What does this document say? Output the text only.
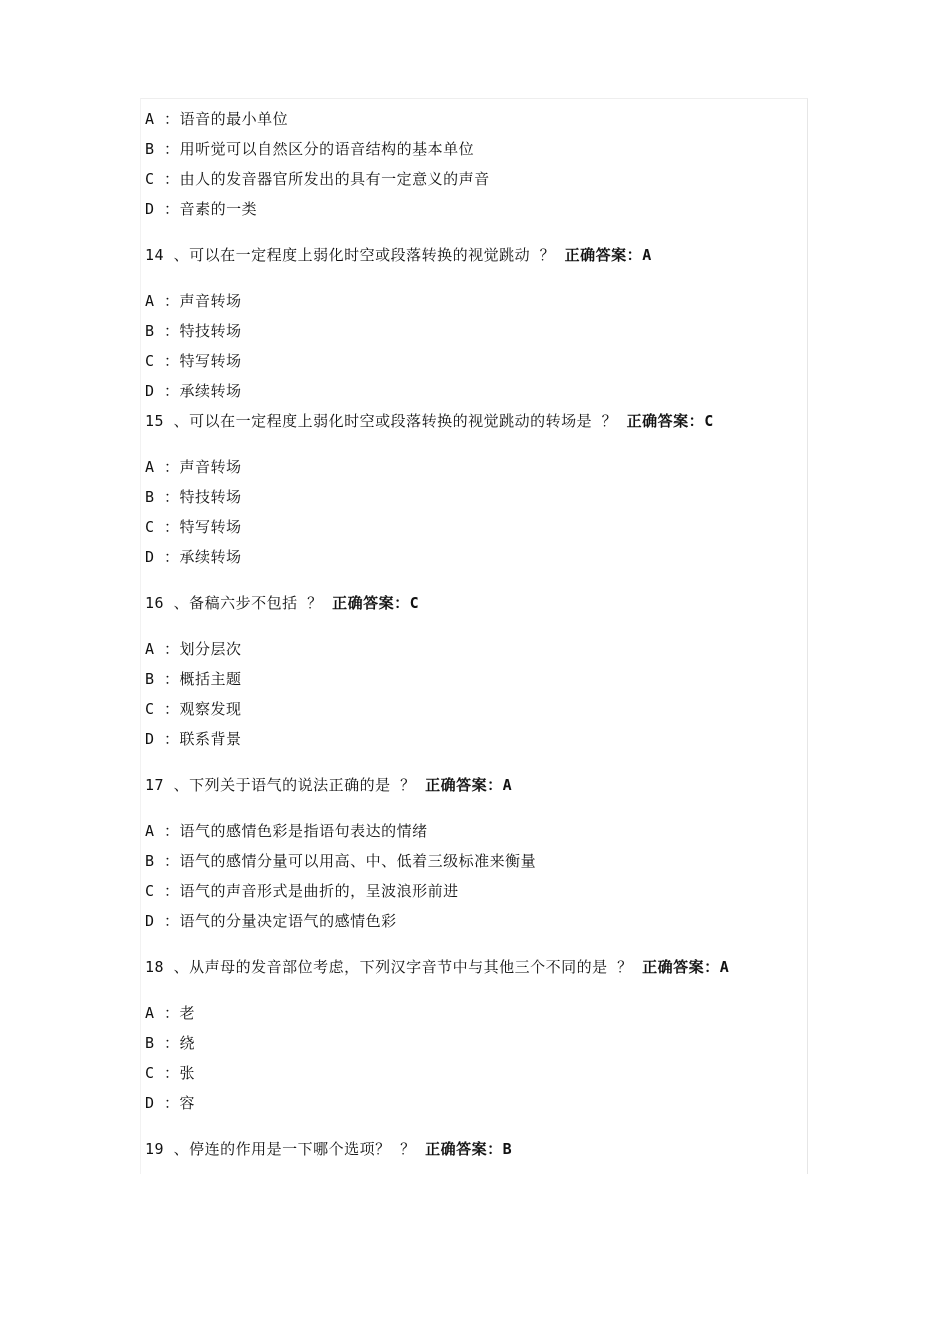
A ：语音的最小单位
B ：用听觉可以自然区分的语音结构的基本单位
C ：由人的发音器官所发出的具有一定意义的声音
D ：音素的一类
14 、可以在一定程度上弱化时空或段落转换的视觉跳动 ？ 正确答案：A
A ：声音转场
B ：特技转场
C ：特写转场
D ：承续转场
15 、可以在一定程度上弱化时空或段落转换的视觉跳动的转场是 ？ 正确答案：C
A ：声音转场
B ：特技转场
C ：特写转场
D ：承续转场
16 、备稿六步不包括 ？ 正确答案：C
A ：划分层次
B ：概括主题
C ：观察发现
D ：联系背景
17 、下列关于语气的说法正确的是 ？ 正确答案：A
A ：语气的感情色彩是指语句表达的情绪
B ：语气的感情分量可以用高、中、低着三级标准来衡量
C ：语气的声音形式是曲折的，呈波浪形前进
D ：语气的分量决定语气的感情色彩
18 、从声母的发音部位考虑，下列汉字音节中与其他三个不同的是 ？ 正确答案：A
A ：老
B ：绕
C ：张
D ：容
19 、停连的作用是一下哪个选项？ ？ 正确答案：B
